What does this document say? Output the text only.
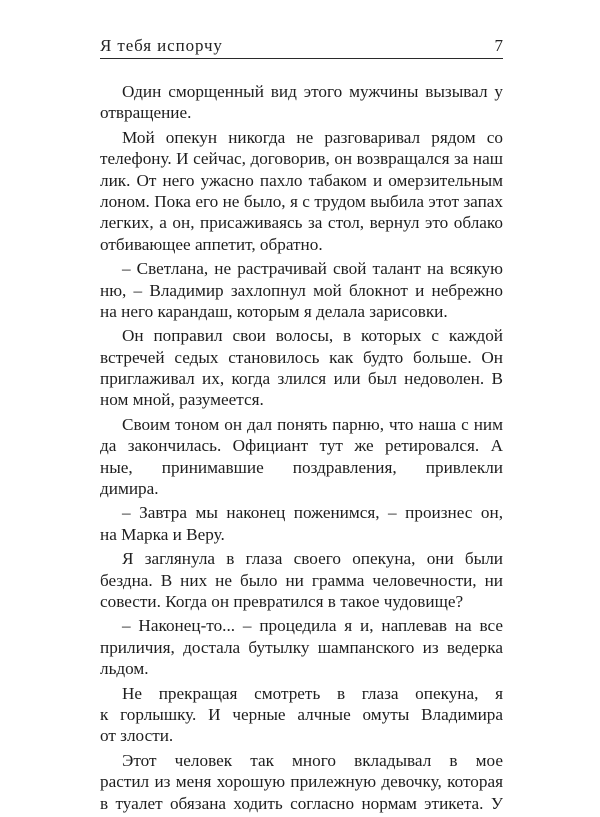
Я тебя испорчу	7

Один сморщенный вид этого мужчины вызывал у
отвращение.

Мой опекун никогда не разговаривал рядом со
телефону. И сейчас, договорив, он возвращался за наш
лик. От него ужасно пахло табаком и омерзительным
лоном. Пока его не было, я с трудом выбила этот запах
легких, а он, присаживаясь за стол, вернул это облако
отбивающее аппетит, обратно.

– Светлана, не растрачивай свой талант на всякую
ню, – Владимир захлопнул мой блокнот и небрежно
на него карандаш, которым я делала зарисовки.

Он поправил свои волосы, в которых с каждой
встречей седых становилось как будто больше. Он
приглаживал их, когда злился или был недоволен. В
ном мной, разумеется.

Своим тоном он дал понять парню, что наша с ним
да закончилась. Официант тут же ретировался. А
ные, принимавшие поздравления, привлекли
димира.

– Завтра мы наконец поженимся, – произнес он,
на Марка и Веру.

Я заглянула в глаза своего опекуна, они были
бездна. В них не было ни грамма человечности, ни
совести. Когда он превратился в такое чудовище?

– Наконец-то... – процедила я и, наплевав на все
приличия, достала бутылку шампанского из ведерка
льдом.

Не прекращая смотреть в глаза опекуна, я
к горлышку. И черные алчные омуты Владимира
от злости.

Этот человек так много вкладывал в мое
растил из меня хорошую прилежную девочку, которая
в туалет обязана ходить согласно нормам этикета. У
